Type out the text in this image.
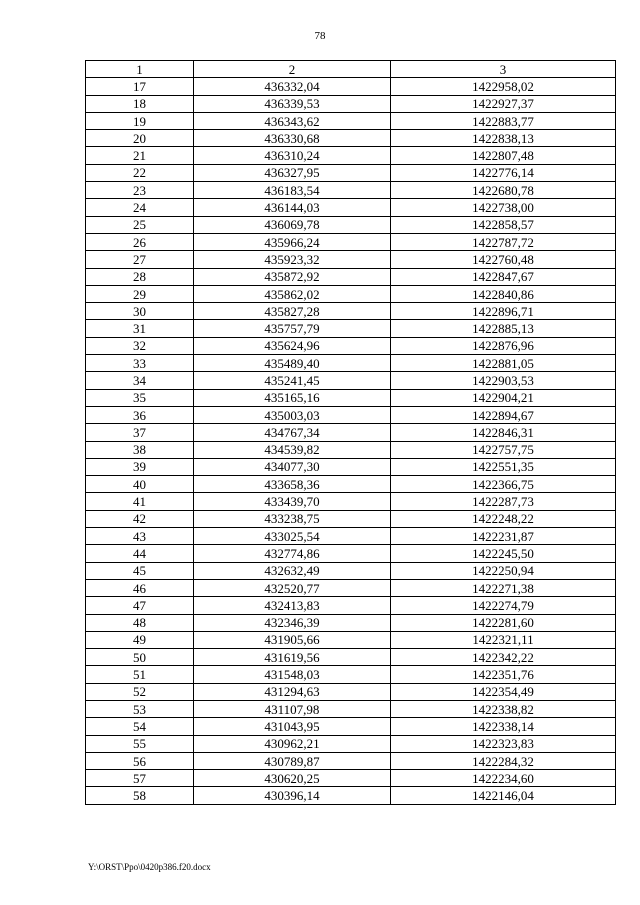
78
1	2	3
17	436332,04	1422958,02
18	436339,53	1422927,37
19	436343,62	1422883,77
20	436330,68	1422838,13
21	436310,24	1422807,48
22	436327,95	1422776,14
23	436183,54	1422680,78
24	436144,03	1422738,00
25	436069,78	1422858,57
26	435966,24	1422787,72
27	435923,32	1422760,48
28	435872,92	1422847,67
29	435862,02	1422840,86
30	435827,28	1422896,71
31	435757,79	1422885,13
32	435624,96	1422876,96
33	435489,40	1422881,05
34	435241,45	1422903,53
35	435165,16	1422904,21
36	435003,03	1422894,67
37	434767,34	1422846,31
38	434539,82	1422757,75
39	434077,30	1422551,35
40	433658,36	1422366,75
41	433439,70	1422287,73
42	433238,75	1422248,22
43	433025,54	1422231,87
44	432774,86	1422245,50
45	432632,49	1422250,94
46	432520,77	1422271,38
47	432413,83	1422274,79
48	432346,39	1422281,60
49	431905,66	1422321,11
50	431619,56	1422342,22
51	431548,03	1422351,76
52	431294,63	1422354,49
53	431107,98	1422338,82
54	431043,95	1422338,14
55	430962,21	1422323,83
56	430789,87	1422284,32
57	430620,25	1422234,60
58	430396,14	1422146,04
Y:\ORST\Ppo\0420p386.f20.docx
